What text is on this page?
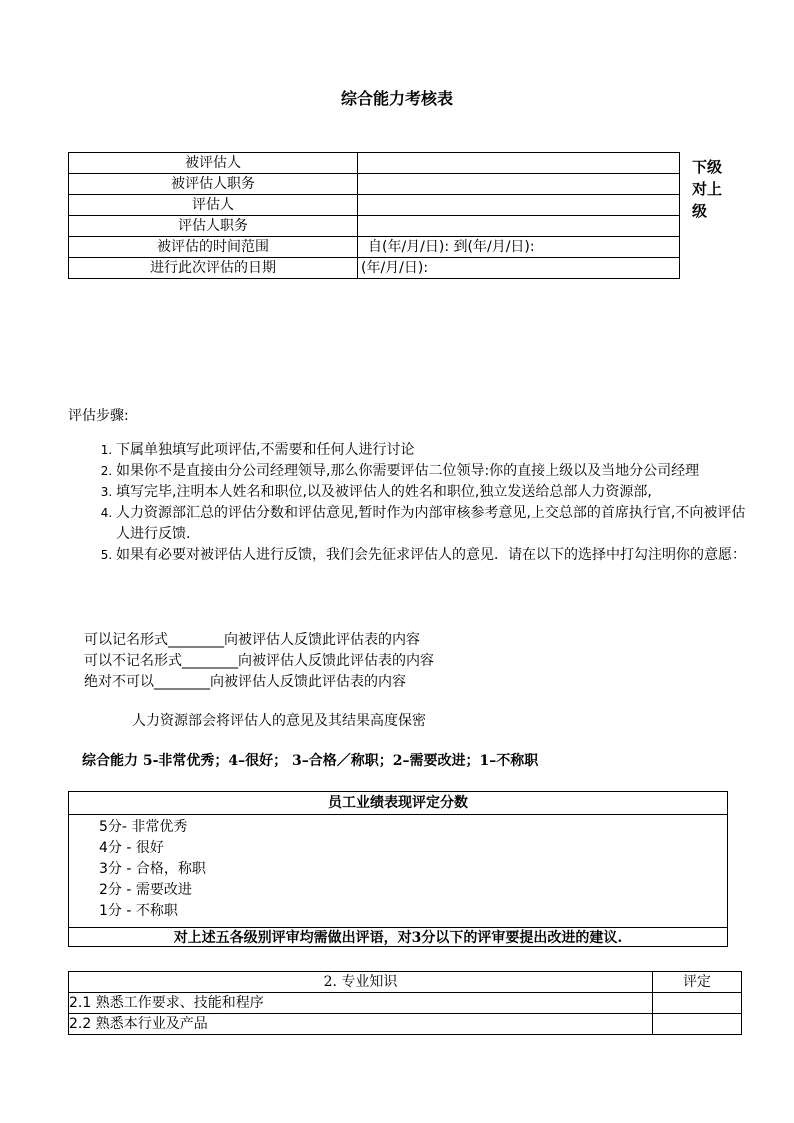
综合能力考核表
被评估人	
被评估人职务	
评估人	
评估人职务	
被评估的时间范围	自(年/月/日): 到(年/月/日):
进行此次评估的日期	(年/月/日):
下级
对上
级
评估步骤:
1. 下属单独填写此项评估,不需要和任何人进行讨论
2. 如果你不是直接由分公司经理领导,那么你需要评估二位领导:你的直接上级以及当地分公司经理
3. 填写完毕,注明本人姓名和职位,以及被评估人的姓名和职位,独立发送给总部人力资源部,
4. 人力资源部汇总的评估分数和评估意见,暂时作为内部审核参考意见,上交总部的首席执行官,不向被评估人进行反馈.
5. 如果有必要对被评估人进行反馈，我们会先征求评估人的意见．请在以下的选择中打勾注明你的意愿：
可以记名形式________向被评估人反馈此评估表的内容
可以不记名形式________向被评估人反馈此评估表的内容
绝对不可以________向被评估人反馈此评估表的内容
人力资源部会将评估人的意见及其结果高度保密
综合能力 5-非常优秀；4–很好； 3–合格／称职；2–需要改进；1–不称职
员工业绩表现评定分数
5分- 非常优秀
4分 - 很好
3分 - 合格，称职
2分 - 需要改进
1分 - 不称职
对上述五各级别评审均需做出评语，对3分以下的评审要提出改进的建议.
2. 专业知识	评定
2.1 熟悉工作要求、技能和程序	
2.2 熟悉本行业及产品	
